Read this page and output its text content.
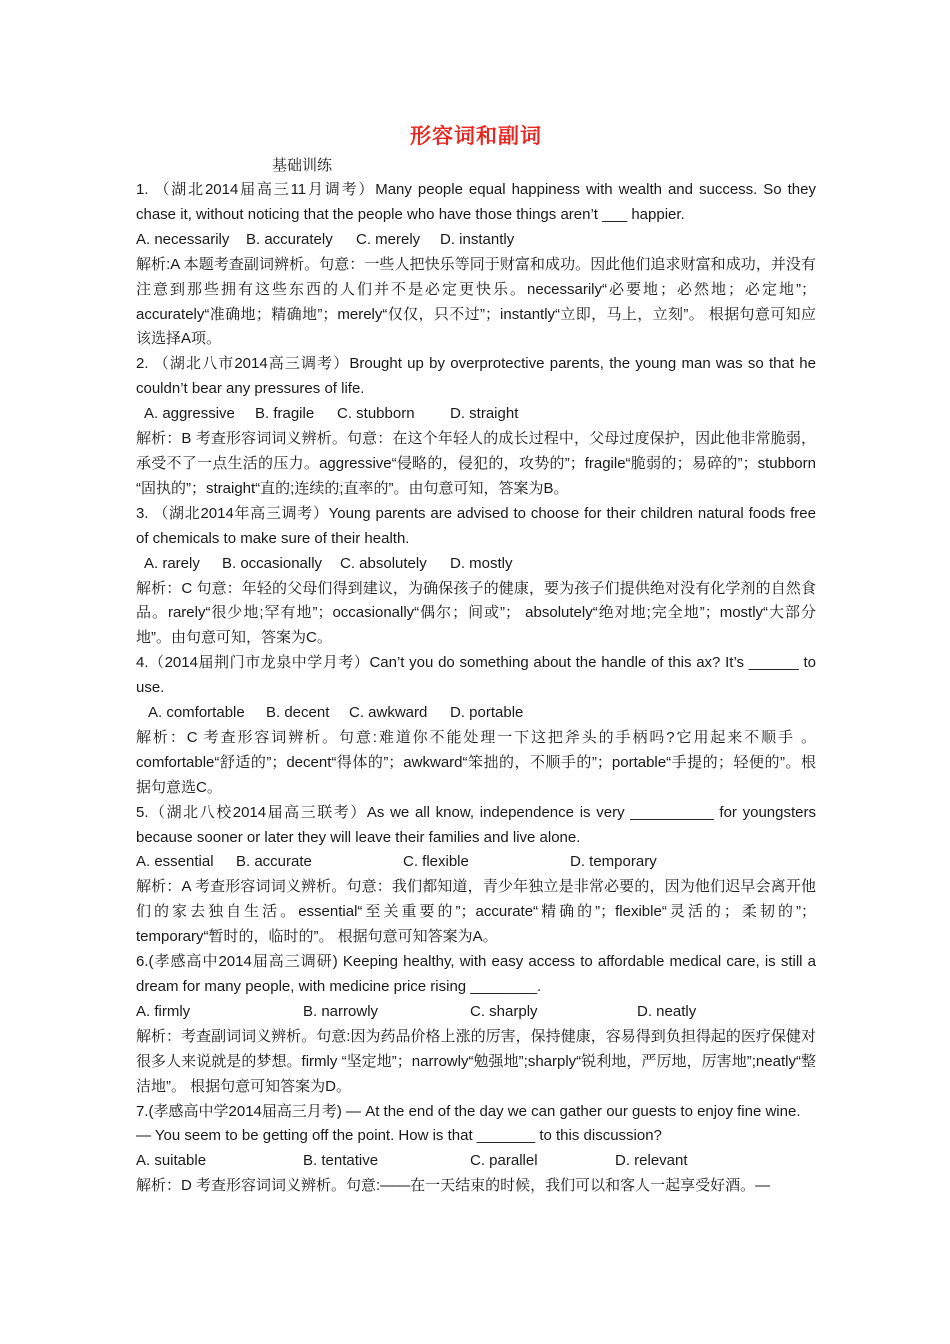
形容词和副词
基础训练

1. （湖北2014届高三11月调考）Many people equal happiness with wealth and success. So they chase it, without noticing that the people who have those things aren’t ___ happier.

A. necessarily B. accurately C. merely D. instantly

解析:A 本题考查副词辨析。句意：一些人把快乐等同于财富和成功。因此他们追求财富和成功，并没有注意到那些拥有这些东西的人们并不是必定更快乐。necessarily“必要地；必然地；必定地”；accurately“准确地；精确地”；merely“仅仅，只不过”；instantly“立即，马上，立刻”。 根据句意可知应该选择A项。

2. （湖北八市2014高三调考）Brought up by overprotective parents, the young man was so that he couldn’t bear any pressures of life.

A. aggressive B. fragile C. stubborn D. straight

解析：B 考查形容词词义辨析。句意：在这个年轻人的成长过程中，父母过度保护，因此他非常脆弱，承受不了一点生活的压力。aggressive“侵略的，侵犯的，攻势的”；fragile“脆弱的；易碎的”；stubborn “固执的”；straight“直的;连续的;直率的”。由句意可知，答案为B。

3. （湖北2014年高三调考）Young parents are advised to choose for their children natural foods free of chemicals to make sure of their health.

A. rarely B. occasionally C. absolutely D. mostly

解析：C 句意：年轻的父母们得到建议，为确保孩子的健康，要为孩子们提供绝对没有化学剂的自然食品。rarely“很少地;罕有地”；occasionally“偶尔；间或”； absolutely“绝对地;完全地”；mostly“大部分地”。由句意可知，答案为C。

4.（2014届荆门市龙泉中学月考）Can’t you do something about the handle of this ax? It’s ______ to use.

A. comfortable B. decent C. awkward D. portable

解析：C 考查形容词辨析。句意:难道你不能处理一下这把斧头的手柄吗?它用起来不顺手 。comfortable“舒适的”；decent“得体的”；awkward“笨拙的，不顺手的”；portable“手提的；轻便的”。根据句意选C。

5.（湖北八校2014届高三联考）As we all know, independence is very __________ for youngsters because sooner or later they will leave their families and live alone.

A. essential B. accurate	C. flexible	D. temporary

解析：A 考查形容词词义辨析。句意：我们都知道，青少年独立是非常必要的，因为他们迟早会离开他们的家去独自生活。essential“至关重要的”；accurate“精确的”；flexible“灵活的；柔韧的”；temporary“暂时的，临时的”。 根据句意可知答案为A。

6.(孝感高中2014届高三调研) Keeping healthy, with easy access to affordable medical care, is still a dream for many people, with medicine price rising ________.

A. firmly	B. narrowly	C. sharply	D. neatly

解析：考查副词词义辨析。句意:因为药品价格上涨的厉害，保持健康，容易得到负担得起的医疗保健对很多人来说就是的梦想。firmly “坚定地”；narrowly“勉强地”;sharply“锐利地，严厉地，厉害地”;neatly“整洁地”。 根据句意可知答案为D。

7.(孝感高中学2014届高三月考) — At the end of the day we can gather our guests to enjoy fine wine.

— You seem to be getting off the point. How is that _______ to this discussion?

A. suitable	B. tentative	C. parallel	D. relevant

解析：D 考查形容词词义辨析。句意:——在一天结束的时候，我们可以和客人一起享受好酒。—
